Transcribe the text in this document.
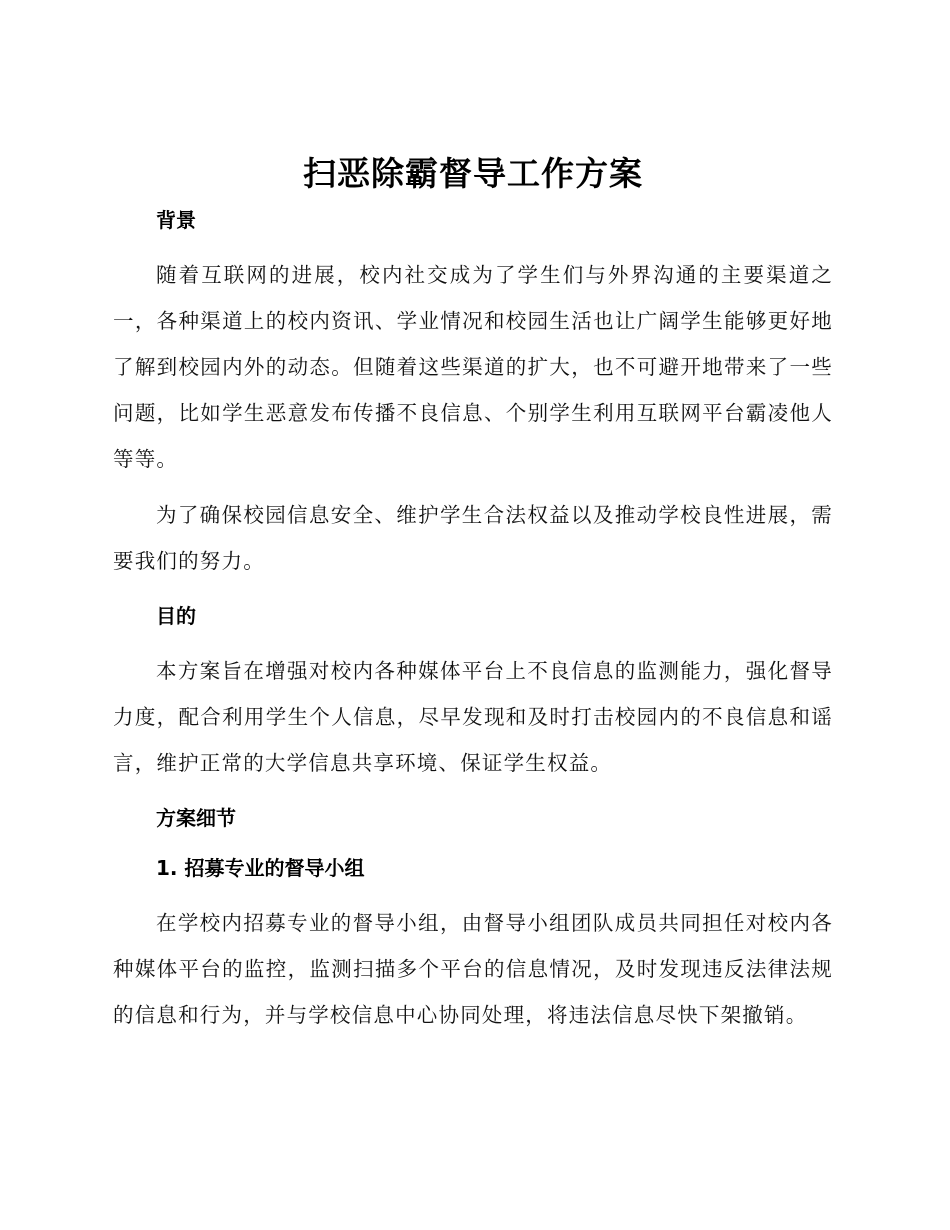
扫恶除霸督导工作方案
背景

随着互联网的进展，校内社交成为了学生们与外界沟通的主要渠道之一，各种渠道上的校内资讯、学业情况和校园生活也让广阔学生能够更好地了解到校园内外的动态。但随着这些渠道的扩大，也不可避开地带来了一些问题，比如学生恶意发布传播不良信息、个别学生利用互联网平台霸凌他人等等。

为了确保校园信息安全、维护学生合法权益以及推动学校良性进展，需要我们的努力。

目的

本方案旨在增强对校内各种媒体平台上不良信息的监测能力，强化督导力度，配合利用学生个人信息，尽早发现和及时打击校园内的不良信息和谣言，维护正常的大学信息共享环境、保证学生权益。

方案细节
1. 招募专业的督导小组

在学校内招募专业的督导小组，由督导小组团队成员共同担任对校内各种媒体平台的监控，监测扫描多个平台的信息情况，及时发现违反法律法规的信息和行为，并与学校信息中心协同处理，将违法信息尽快下架撤销。
